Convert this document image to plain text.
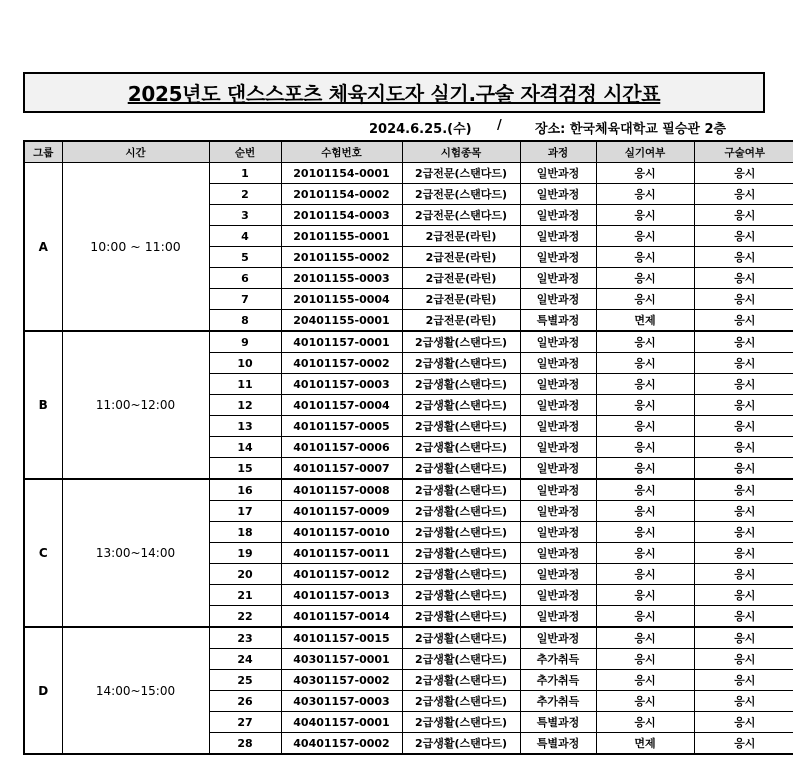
2025년도 댄스스포츠 체육지도자 실기.구술 자격검정 시간표
2024.6.25.(수) /	장소: 한국체육대학교 필승관 2층
그룹	시간	순번	수험번호	시험종목	과정	실기여부	구술여부
A	10:00 ~ 11:00	1	20101154-0001	2급전문(스탠다드)	일반과정	응시	응시
		2	20101154-0002	2급전문(스탠다드)	일반과정	응시	응시
		3	20101154-0003	2급전문(스탠다드)	일반과정	응시	응시
		4	20101155-0001	2급전문(라틴)	일반과정	응시	응시
		5	20101155-0002	2급전문(라틴)	일반과정	응시	응시
		6	20101155-0003	2급전문(라틴)	일반과정	응시	응시
		7	20101155-0004	2급전문(라틴)	일반과정	응시	응시
		8	20401155-0001	2급전문(라틴)	특별과정	면제	응시
B	11:00~12:00	9	40101157-0001	2급생활(스탠다드)	일반과정	응시	응시
		10	40101157-0002	2급생활(스탠다드)	일반과정	응시	응시
		11	40101157-0003	2급생활(스탠다드)	일반과정	응시	응시
		12	40101157-0004	2급생활(스탠다드)	일반과정	응시	응시
		13	40101157-0005	2급생활(스탠다드)	일반과정	응시	응시
		14	40101157-0006	2급생활(스탠다드)	일반과정	응시	응시
		15	40101157-0007	2급생활(스탠다드)	일반과정	응시	응시
C	13:00~14:00	16	40101157-0008	2급생활(스탠다드)	일반과정	응시	응시
		17	40101157-0009	2급생활(스탠다드)	일반과정	응시	응시
		18	40101157-0010	2급생활(스탠다드)	일반과정	응시	응시
		19	40101157-0011	2급생활(스탠다드)	일반과정	응시	응시
		20	40101157-0012	2급생활(스탠다드)	일반과정	응시	응시
		21	40101157-0013	2급생활(스탠다드)	일반과정	응시	응시
		22	40101157-0014	2급생활(스탠다드)	일반과정	응시	응시
D	14:00~15:00	23	40101157-0015	2급생활(스탠다드)	일반과정	응시	응시
		24	40301157-0001	2급생활(스탠다드)	추가취득	응시	응시
		25	40301157-0002	2급생활(스탠다드)	추가취득	응시	응시
		26	40301157-0003	2급생활(스탠다드)	추가취득	응시	응시
		27	40401157-0001	2급생활(스탠다드)	특별과정	응시	응시
		28	40401157-0002	2급생활(스탠다드)	특별과정	면제	응시
